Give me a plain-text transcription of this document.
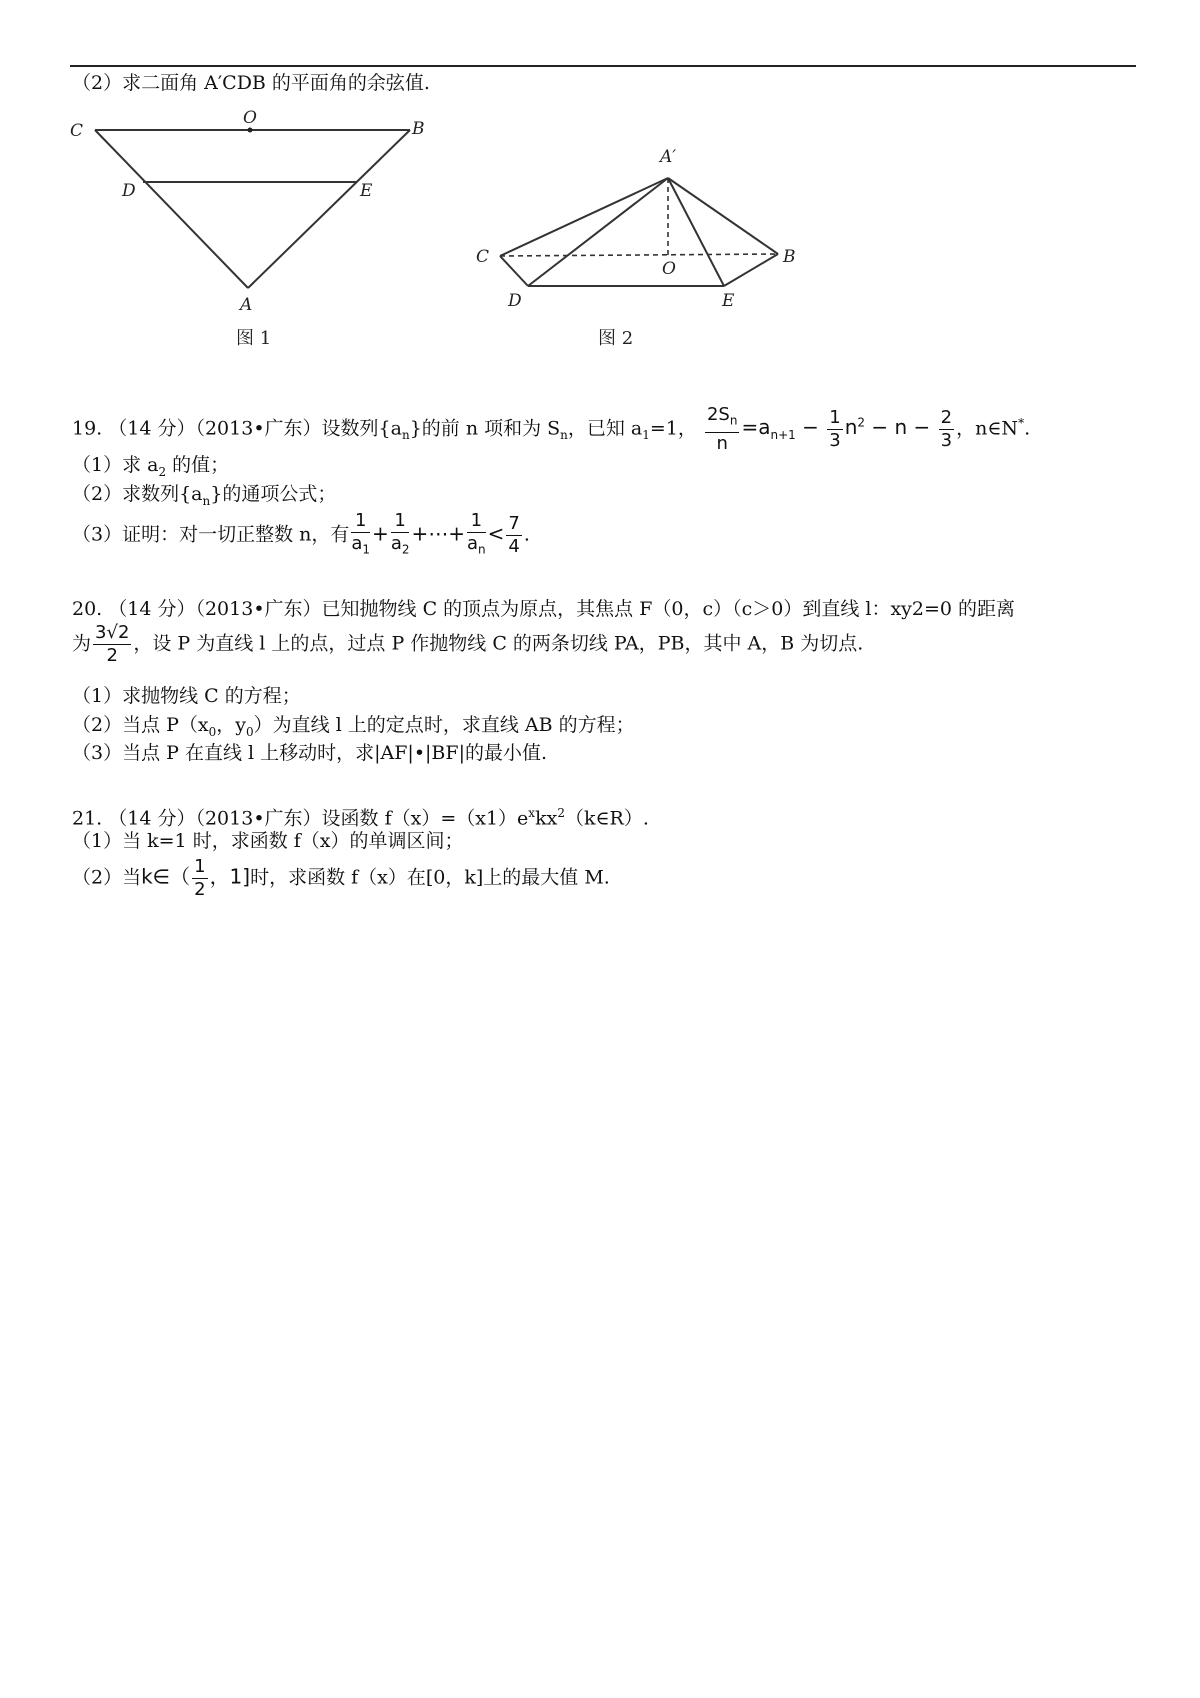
（2）求二面角 A′CDB 的平面角的余弦值.
C
O
B
D	E
A
图 1
A′
C
O
B
D	E
图 2
19. （14 分）（2013•广东）设数列$\{a_n\}$的前 n 项和为 $S_n$，已知 $a_1=1$， $\frac{2S_n}{n} =a_{n+1} - \frac{1}{3} n^2 - n - \frac{2}{3}$ ，n∈N*.
（1）求 $a_2$ 的值；
（2）求数列$\{a_n\}$的通项公式；
（3）证明：对一切正整数 n，有 $\frac{1}{a_1} + \frac{1}{a_2}$ +⋯+ $\frac{1}{a_n} < \frac{7}{4}$ .
20. （14 分）（2013•广东）已知抛物线 C 的顶点为原点，其焦点 F（0，c）（c＞0）到直线 l：xy2=0 的距离
为 $\frac{3√2}{2}$ ，设 P 为直线 l 上的点，过点 P 作抛物线 C 的两条切线 PA，PB，其中 A，B 为切点.
（1）求抛物线 C 的方程；
（2）当点 $P(x_0$，$y_0$）为直线 l 上的定点时，求直线 AB 的方程；
（3）当点 P 在直线 l 上移动时，求|AF|•|BF|的最小值.
21. （14 分）（2013•广东）设函数 $f(x)=(x1)e^xkx^2(k\in R)$.
（1）当 k=1 时，求函数 f（x）的单调区间；
（2）当k∈（ $\frac{1}{2}$ ，1]时，求函数 f（x）在[0，k]上的最大值 M.
